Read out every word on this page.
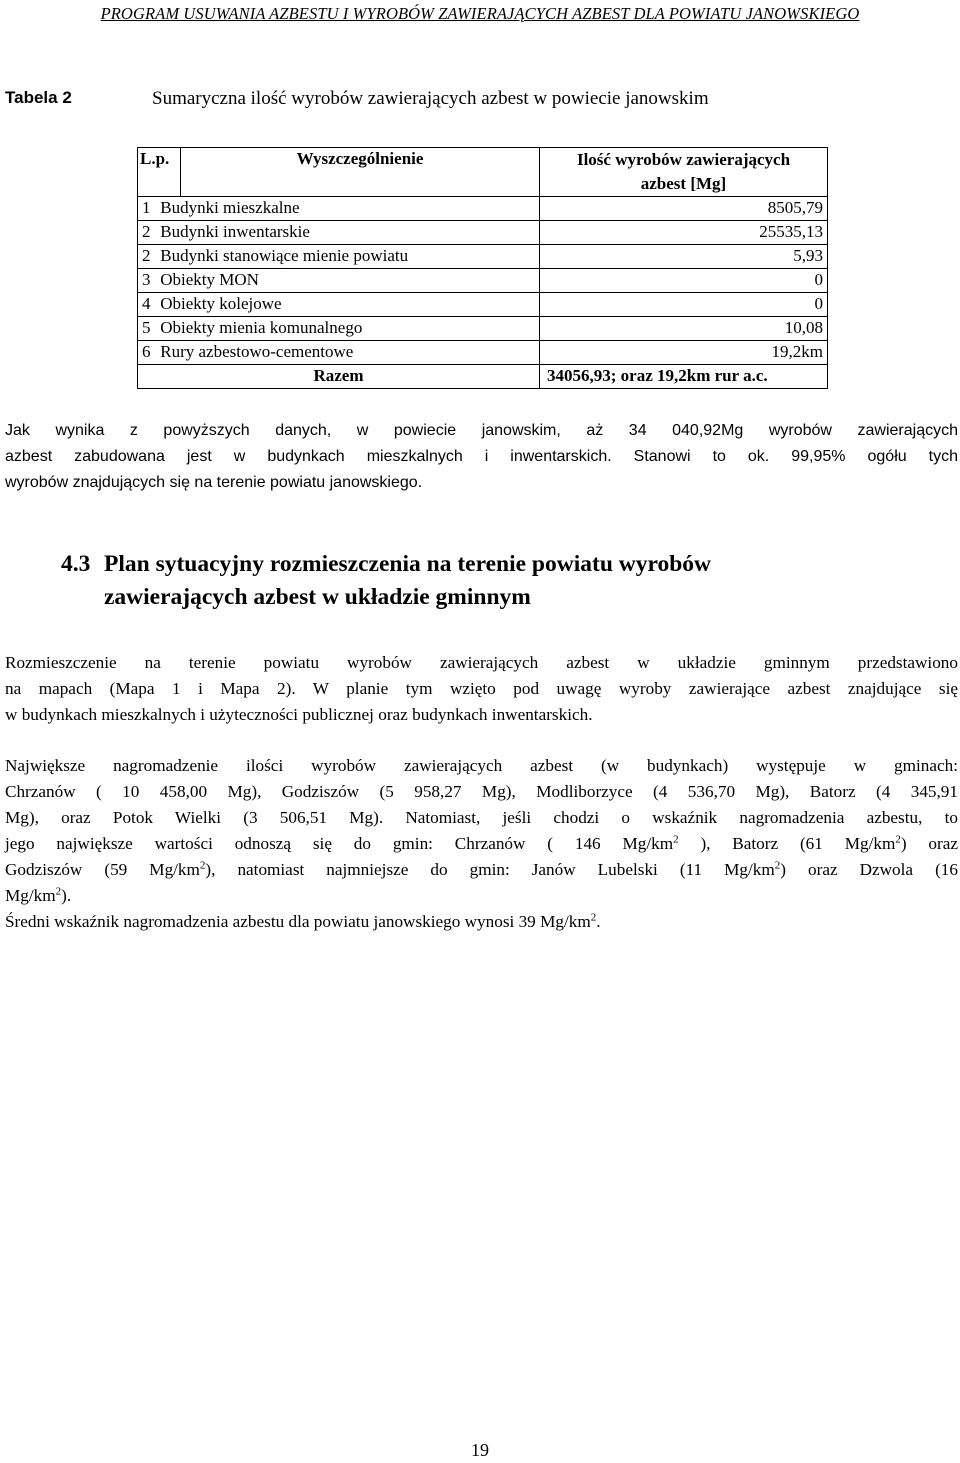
PROGRAM USUWANIA AZBESTU I WYROBÓW ZAWIERAJĄCYCH AZBEST DLA POWIATU JANOWSKIEGO
Tabela 2	Sumaryczna ilość wyrobów zawierających azbest w powiecie janowskim
L.p.	Wyszczególnienie	Ilość wyrobów zawierających
azbest [Mg]
1 Budynki mieszkalne		8505,79
2 Budynki inwentarskie		25535,13
2 Budynki stanowiące mienie powiatu		5,93
3 Obiekty MON		0
4 Obiekty kolejowe		0
5 Obiekty mienia komunalnego		10,08
6 Rury azbestowo-cementowe		19,2km
Razem		34056,93; oraz 19,2km rur a.c.
Jak wynika z powyższych danych, w powiecie janowskim, aż 34 040,92Mg wyrobów zawierających
azbest zabudowana jest w budynkach mieszkalnych i inwentarskich. Stanowi to ok. 99,95% ogółu tych
wyrobów znajdujących się na terenie powiatu janowskiego.
4.3 Plan sytuacyjny rozmieszczenia na terenie powiatu wyrobów
zawierających azbest w układzie gminnym
Rozmieszczenie na terenie powiatu wyrobów zawierających azbest w układzie gminnym przedstawiono
na mapach (Mapa 1 i Mapa 2). W planie tym wzięto pod uwagę wyroby zawierające azbest znajdujące się
w budynkach mieszkalnych i użyteczności publicznej oraz budynkach inwentarskich.
Największe nagromadzenie ilości wyrobów zawierających azbest (w budynkach) występuje w gminach:
Chrzanów ( 10 458,00 Mg), Godziszów (5 958,27 Mg), Modliborzyce (4 536,70 Mg), Batorz (4 345,91
Mg), oraz Potok Wielki (3 506,51 Mg). Natomiast, jeśli chodzi o wskaźnik nagromadzenia azbestu, to
jego największe wartości odnoszą się do gmin: Chrzanów ( 146 $Mg/km^2$ ), Batorz (61 $Mg/km^2$) oraz
Godziszów (59 $Mg/km^2$), natomiast najmniejsze do gmin: Janów Lubelski (11 $Mg/km^2$) oraz Dzwola (16
$Mg/km^2$).
Średni wskaźnik nagromadzenia azbestu dla powiatu janowskiego wynosi 39 $Mg/km^2$.
19
